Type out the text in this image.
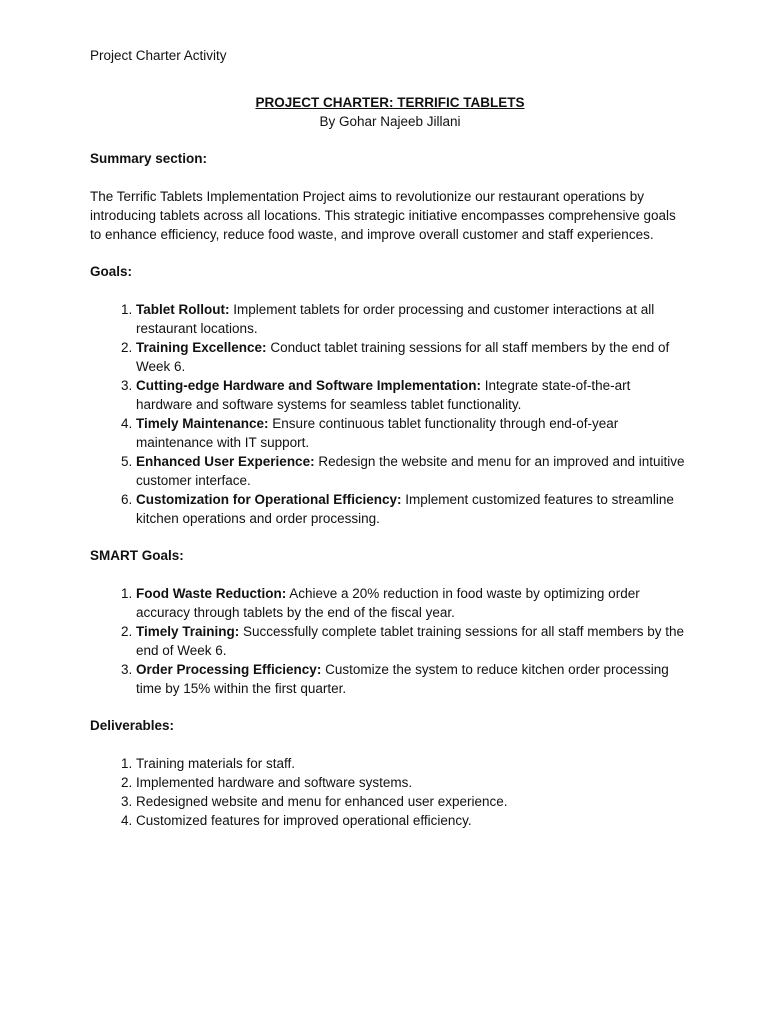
Project Charter Activity

PROJECT CHARTER: TERRIFIC TABLETS

By Gohar Najeeb Jillani

Summary section:

The Terrific Tablets Implementation Project aims to revolutionize our restaurant operations by introducing tablets across all locations. This strategic initiative encompasses comprehensive goals to enhance efficiency, reduce food waste, and improve overall customer and staff experiences.

Goals:

1. Tablet Rollout: Implement tablets for order processing and customer interactions at all restaurant locations.
2. Training Excellence: Conduct tablet training sessions for all staff members by the end of Week 6.
3. Cutting-edge Hardware and Software Implementation: Integrate state-of-the-art hardware and software systems for seamless tablet functionality.
4. Timely Maintenance: Ensure continuous tablet functionality through end-of-year maintenance with IT support.
5. Enhanced User Experience: Redesign the website and menu for an improved and intuitive customer interface.
6. Customization for Operational Efficiency: Implement customized features to streamline kitchen operations and order processing.

SMART Goals:

1. Food Waste Reduction: Achieve a 20% reduction in food waste by optimizing order accuracy through tablets by the end of the fiscal year.
2. Timely Training: Successfully complete tablet training sessions for all staff members by the end of Week 6.
3. Order Processing Efficiency: Customize the system to reduce kitchen order processing time by 15% within the first quarter.

Deliverables:

1. Training materials for staff.
2. Implemented hardware and software systems.
3. Redesigned website and menu for enhanced user experience.
4. Customized features for improved operational efficiency.
